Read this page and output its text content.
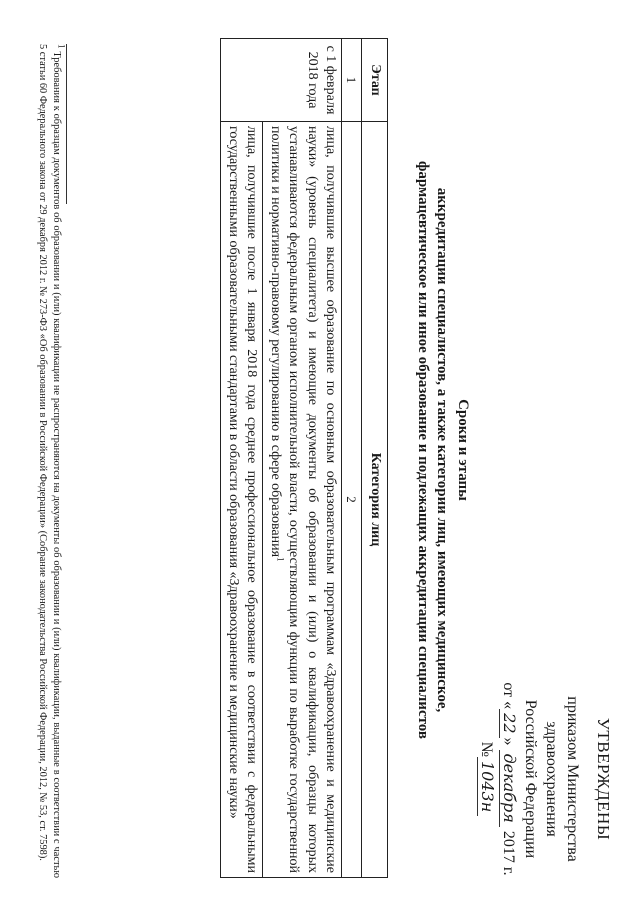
УТВЕРЖДЕНЫ
приказом Министерства здравоохранения
Российской Федерации
от «22» декабря 2017 г. №1043н
Сроки и этапы
аккредитации специалистов, а также категории лиц, имеющих медицинское,
фармацевтическое или иное образование и подлежащих аккредитации специалистов
Этап	Категория лиц
1	2
с 1 февраля 2018 года	лица, получившие высшее образование по основным образовательным программам «Здравоохранение и медицинские науки» (уровень специалитета) и имеющие документы об образовании и (или) о квалификации, образцы которых устанавливаются федеральным органом исполнительной власти, осуществляющим функции по выработке государственной политики и нормативно-правовому регулированию в сфере образования$^1$
	лица, получившие после 1 января 2018 года среднее профессиональное образование в соответствии с федеральными государственными образовательными стандартами в области образования «Здравоохранение и медицинские науки»
$^1$ Требования к образцам документов об образовании и (или) квалификации не распространяются на документы об образовании и (или) квалификации, выданные в соответствии с частью 5 статьи 60 Федерального закона от 29 декабря 2012 г. № 273-ФЗ «Об образовании в Российской Федерации» (Собрание законодательства Российской Федерации, 2012, № 53, ст. 7598).
